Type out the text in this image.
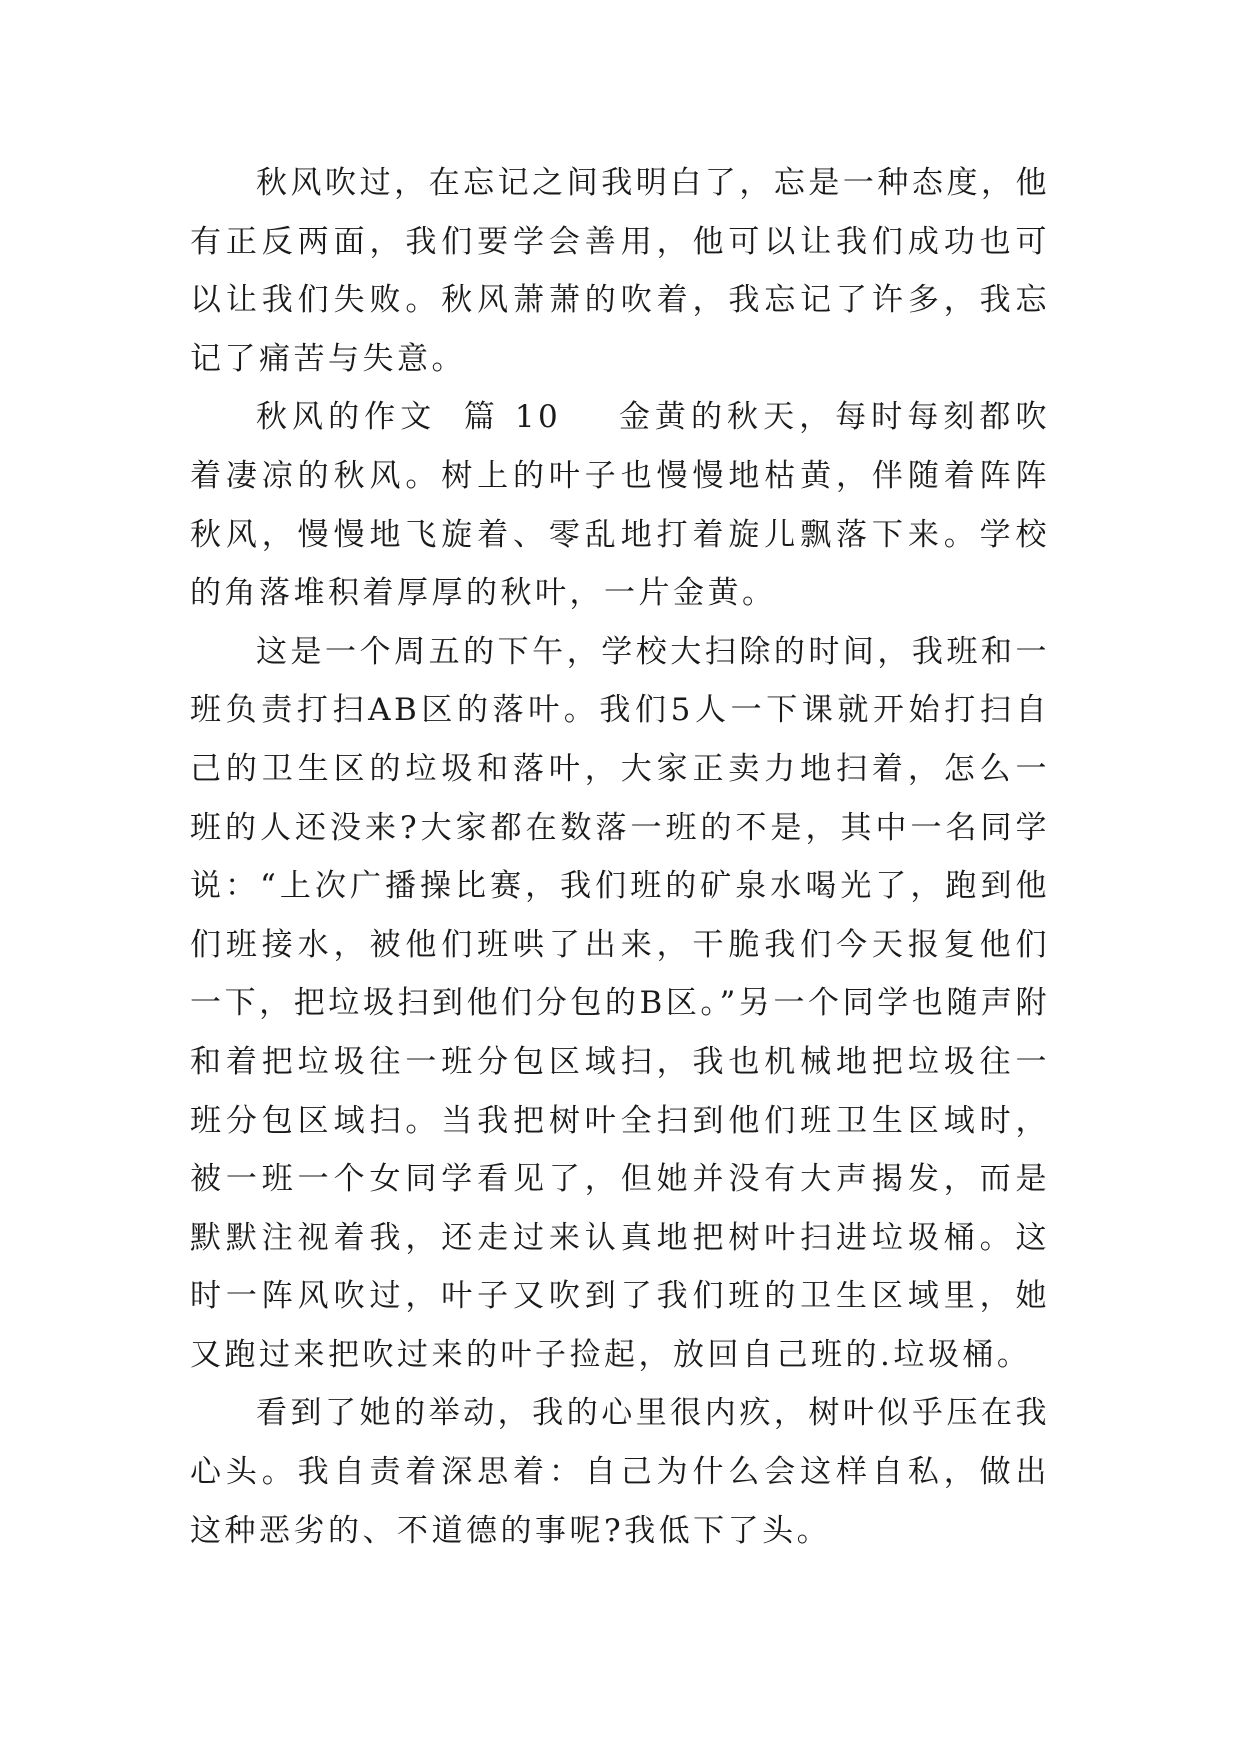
秋风吹过，在忘记之间我明白了，忘是一种态度，他有正反两面，我们要学会善用，他可以让我们成功也可以让我们失败。秋风萧萧的吹着，我忘记了许多，我忘记了痛苦与失意。

秋风的作文 篇 10 金黄的秋天，每时每刻都吹着凄凉的秋风。树上的叶子也慢慢地枯黄，伴随着阵阵秋风，慢慢地飞旋着、零乱地打着旋儿飘落下来。学校的角落堆积着厚厚的秋叶，一片金黄。

这是一个周五的下午，学校大扫除的时间，我班和一班负责打扫AB区的落叶。我们5人一下课就开始打扫自己的卫生区的垃圾和落叶，大家正卖力地扫着，怎么一班的人还没来?大家都在数落一班的不是，其中一名同学说：“上次广播操比赛，我们班的矿泉水喝光了，跑到他们班接水，被他们班哄了出来，干脆我们今天报复他们一下，把垃圾扫到他们分包的B区。”另一个同学也随声附和着把垃圾往一班分包区域扫，我也机械地把垃圾往一班分包区域扫。当我把树叶全扫到他们班卫生区域时，被一班一个女同学看见了，但她并没有大声揭发，而是默默注视着我，还走过来认真地把树叶扫进垃圾桶。这时一阵风吹过，叶子又吹到了我们班的卫生区域里，她又跑过来把吹过来的叶子捡起，放回自己班的.垃圾桶。

看到了她的举动，我的心里很内疚，树叶似乎压在我心头。我自责着深思着：自己为什么会这样自私，做出这种恶劣的、不道德的事呢?我低下了头。
